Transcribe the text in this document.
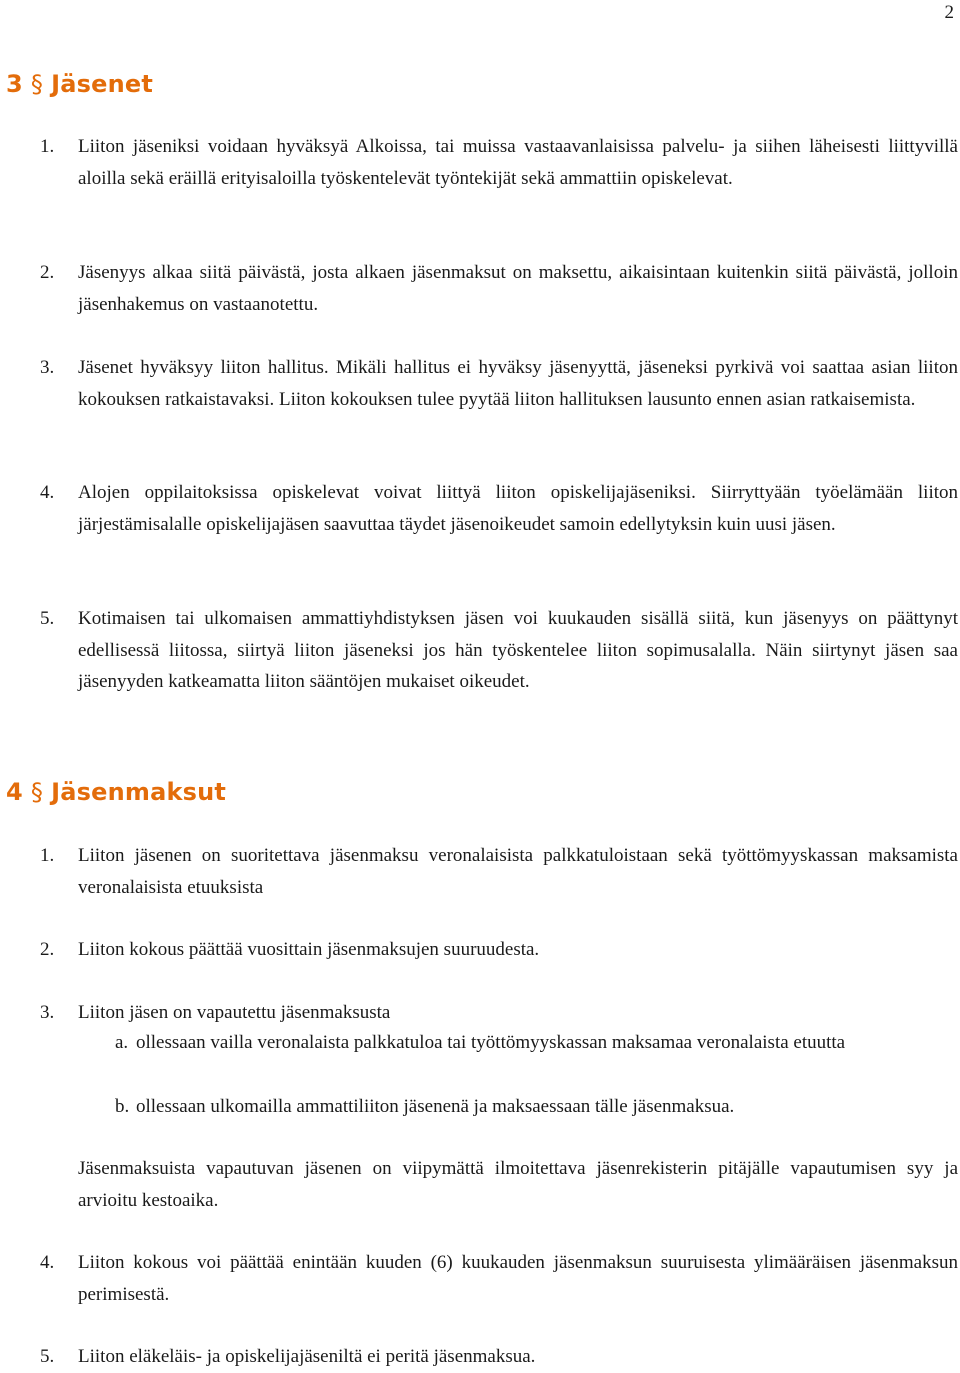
2
3 § Jäsenet

1. Liiton jäseniksi voidaan hyväksyä Alkoissa, tai muissa vastaavanlaisissa palvelu- ja siihen läheisesti liittyvillä aloilla sekä eräillä erityisaloilla työskentelevät työntekijät sekä ammattiin opiskelevat.

2. Jäsenyys alkaa siitä päivästä, josta alkaen jäsenmaksut on maksettu, aikaisintaan kuitenkin siitä päivästä, jolloin jäsenhakemus on vastaanotettu.

3. Jäsenet hyväksyy liiton hallitus. Mikäli hallitus ei hyväksy jäsenyyttä, jäseneksi pyrkivä voi saattaa asian liiton kokouksen ratkaistavaksi. Liiton kokouksen tulee pyytää liiton hallituksen lausunto ennen asian ratkaisemista.

4. Alojen oppilaitoksissa opiskelevat voivat liittyä liiton opiskelijajäseniksi. Siirryttyään työelämään liiton järjestämisalalle opiskelijajäsen saavuttaa täydet jäsenoikeudet samoin edellytyksin kuin uusi jäsen.

5. Kotimaisen tai ulkomaisen ammattiyhdistyksen jäsen voi kuukauden sisällä siitä, kun jäsenyys on päättynyt edellisessä liitossa, siirtyä liiton jäseneksi jos hän työskentelee liiton sopimusalalla. Näin siirtynyt jäsen saa jäsenyyden katkeamatta liiton sääntöjen mukaiset oikeudet.

4 § Jäsenmaksut

1. Liiton jäsenen on suoritettava jäsenmaksu veronalaisista palkkatuloistaan sekä työttömyyskassan maksamista veronalaisista etuuksista

2. Liiton kokous päättää vuosittain jäsenmaksujen suuruudesta.

3. Liiton jäsen on vapautettu jäsenmaksusta

a. ollessaan vailla veronalaista palkkatuloa tai työttömyyskassan maksamaa veronalaista etuutta

b. ollessaan ulkomailla ammattiliiton jäsenenä ja maksaessaan tälle jäsenmaksua.

Jäsenmaksuista vapautuvan jäsenen on viipymättä ilmoitettava jäsenrekisterin pitäjälle vapautumisen syy ja arvioitu kestoaika.

4. Liiton kokous voi päättää enintään kuuden (6) kuukauden jäsenmaksun suuruisesta ylimääräisen jäsenmaksun perimisestä.

5. Liiton eläkeläis- ja opiskelijajäseniltä ei peritä jäsenmaksua.
